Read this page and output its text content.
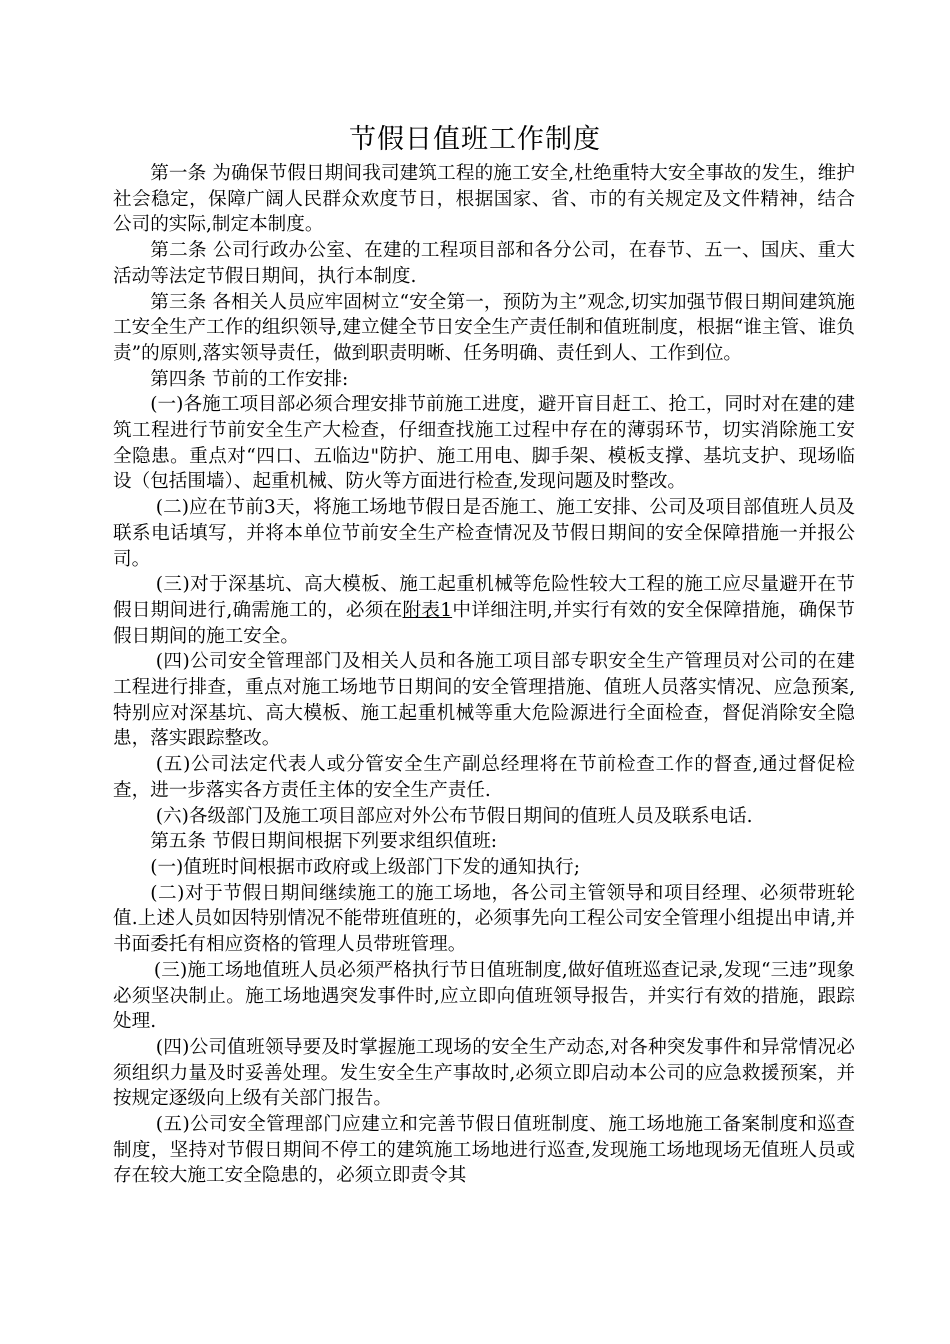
节假日值班工作制度

第一条 为确保节假日期间我司建筑工程的施工安全,杜绝重特大安全事故的发生，维护社会稳定，保障广阔人民群众欢度节日，根据国家、省、市的有关规定及文件精神，结合公司的实际,制定本制度。

第二条 公司行政办公室、在建的工程项目部和各分公司，在春节、五一、国庆、重大活动等法定节假日期间，执行本制度.

第三条 各相关人员应牢固树立“安全第一，预防为主”观念,切实加强节假日期间建筑施工安全生产工作的组织领导,建立健全节日安全生产责任制和值班制度，根据“谁主管、谁负责”的原则,落实领导责任，做到职责明晰、任务明确、责任到人、工作到位。

第四条 节前的工作安排:

(一)各施工项目部必须合理安排节前施工进度，避开盲目赶工、抢工，同时对在建的建筑工程进行节前安全生产大检查，仔细查找施工过程中存在的薄弱环节，切实消除施工安全隐患。重点对“四口、五临边"防护、施工用电、脚手架、模板支撑、基坑支护、现场临设（包括围墙）、起重机械、防火等方面进行检查,发现问题及时整改。

(二)应在节前3天，将施工场地节假日是否施工、施工安排、公司及项目部值班人员及联系电话填写，并将本单位节前安全生产检查情况及节假日期间的安全保障措施一并报公司。

(三)对于深基坑、高大模板、施工起重机械等危险性较大工程的施工应尽量避开在节假日期间进行,确需施工的，必须在附表1中详细注明,并实行有效的安全保障措施，确保节假日期间的施工安全。

(四)公司安全管理部门及相关人员和各施工项目部专职安全生产管理员对公司的在建工程进行排查，重点对施工场地节日期间的安全管理措施、值班人员落实情况、应急预案,特别应对深基坑、高大模板、施工起重机械等重大危险源进行全面检查，督促消除安全隐患，落实跟踪整改。

(五)公司法定代表人或分管安全生产副总经理将在节前检查工作的督查,通过督促检查，进一步落实各方责任主体的安全生产责任.

(六)各级部门及施工项目部应对外公布节假日期间的值班人员及联系电话.

第五条 节假日期间根据下列要求组织值班:

(一)值班时间根据市政府或上级部门下发的通知执行;

(二)对于节假日期间继续施工的施工场地，各公司主管领导和项目经理、必须带班轮值.上述人员如因特别情况不能带班值班的，必须事先向工程公司安全管理小组提出申请,并书面委托有相应资格的管理人员带班管理。

(三)施工场地值班人员必须严格执行节日值班制度,做好值班巡查记录,发现“三违”现象必须坚决制止。施工场地遇突发事件时,应立即向值班领导报告，并实行有效的措施，跟踪处理.

(四)公司值班领导要及时掌握施工现场的安全生产动态,对各种突发事件和异常情况必须组织力量及时妥善处理。发生安全生产事故时,必须立即启动本公司的应急救援预案，并按规定逐级向上级有关部门报告。

(五)公司安全管理部门应建立和完善节假日值班制度、施工场地施工备案制度和巡查制度，坚持对节假日期间不停工的建筑施工场地进行巡查,发现施工场地现场无值班人员或存在较大施工安全隐患的，必须立即责令其
